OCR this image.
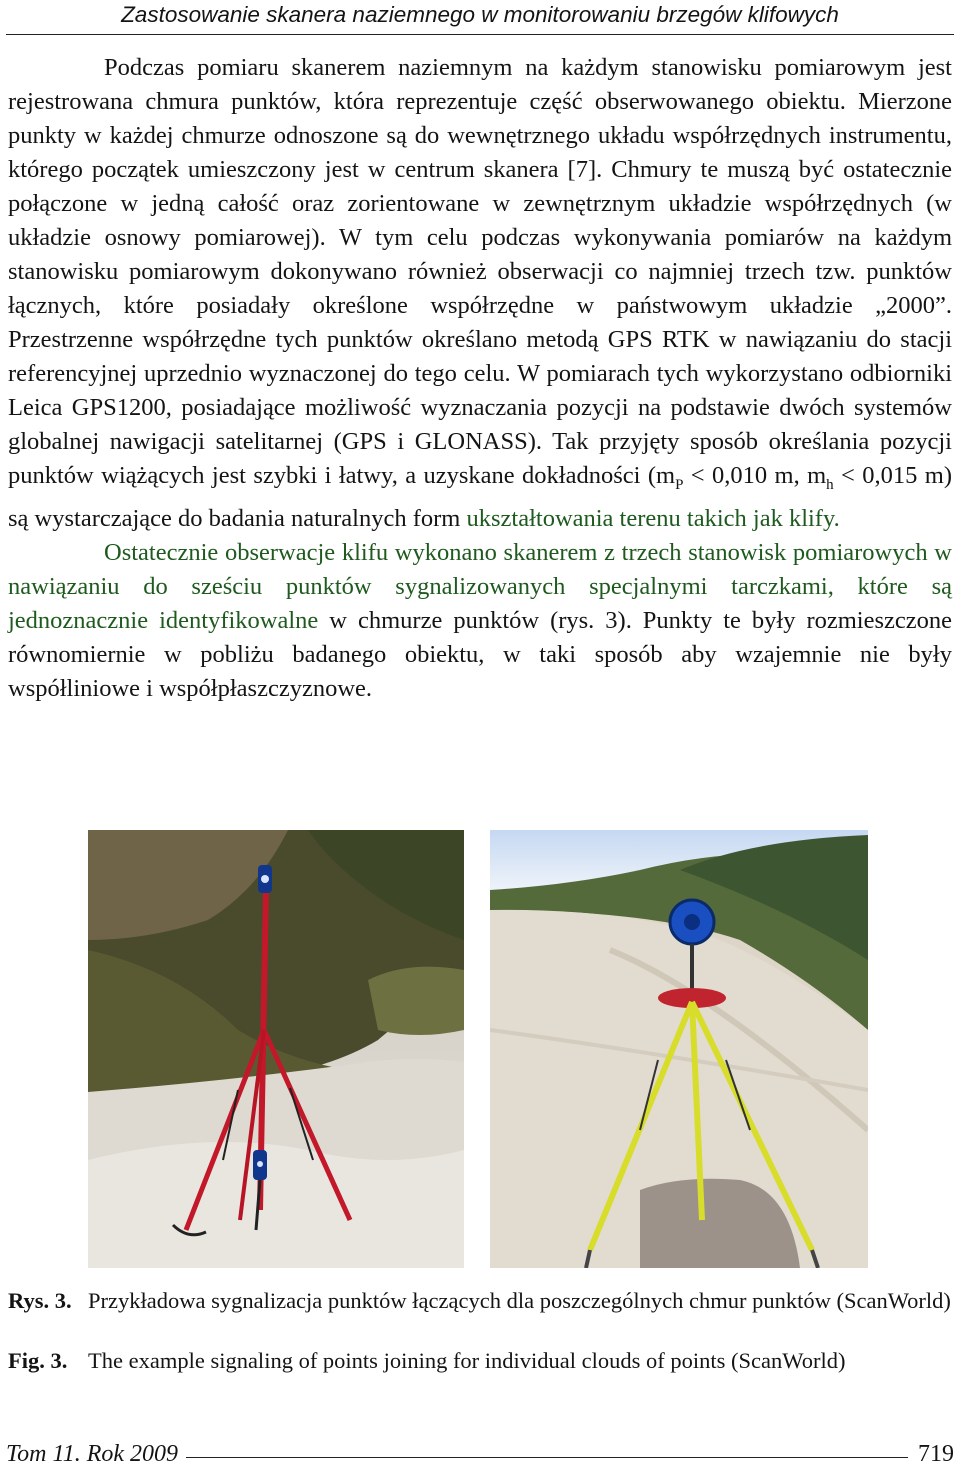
Zastosowanie skanera naziemnego w monitorowaniu brzegów klifowych

Podczas pomiaru skanerem naziemnym na każdym stanowisku pomiarowym jest rejestrowana chmura punktów, która reprezentuje część obserwowanego obiektu. Mierzone punkty w każdej chmurze odnoszone są do wewnętrznego układu współrzędnych instrumentu, którego początek umieszczony jest w centrum skanera [7]. Chmury te muszą być ostatecznie połączone w jedną całość oraz zorientowane w zewnętrznym układzie współrzędnych (w układzie osnowy pomiarowej). W tym celu podczas wykonywania pomiarów na każdym stanowisku pomiarowym dokonywano również obserwacji co najmniej trzech tzw. punktów łącznych, które posiadały określone współrzędne w państwowym układzie „2000”. Przestrzenne współrzędne tych punktów określano metodą GPS RTK w nawiązaniu do stacji referencyjnej uprzednio wyznaczonej do tego celu. W pomiarach tych wykorzystano odbiorniki Leica GPS1200, posiadające możliwość wyznaczania pozycji na podstawie dwóch systemów globalnej nawigacji satelitarnej (GPS i GLONASS). Tak przyjęty sposób określania pozycji punktów wiążących jest szybki i łatwy, a uzyskane dokładności ($m_P < 0,010$ m, $m_h < 0,015$ m) są wystarczające do badania naturalnych form ukształtowania terenu takich jak klify.

Ostatecznie obserwacje klifu wykonano skanerem z trzech stanowisk pomiarowych w nawiązaniu do sześciu punktów sygnalizowanych specjalnymi tarczkami, które są jednoznacznie identyfikowalne w chmurze punktów (rys. 3). Punkty te były rozmieszczone równomiernie w pobliżu badanego obiektu, w taki sposób aby wzajemnie nie były współliniowe i współpłaszczyznowe.

Rys. 3. Przykładowa sygnalizacja punktów łączących dla poszczególnych chmur punktów (ScanWorld)
Fig. 3. The example signaling of points joining for individual clouds of points (ScanWorld)
Tom 11. Rok 2009	719
